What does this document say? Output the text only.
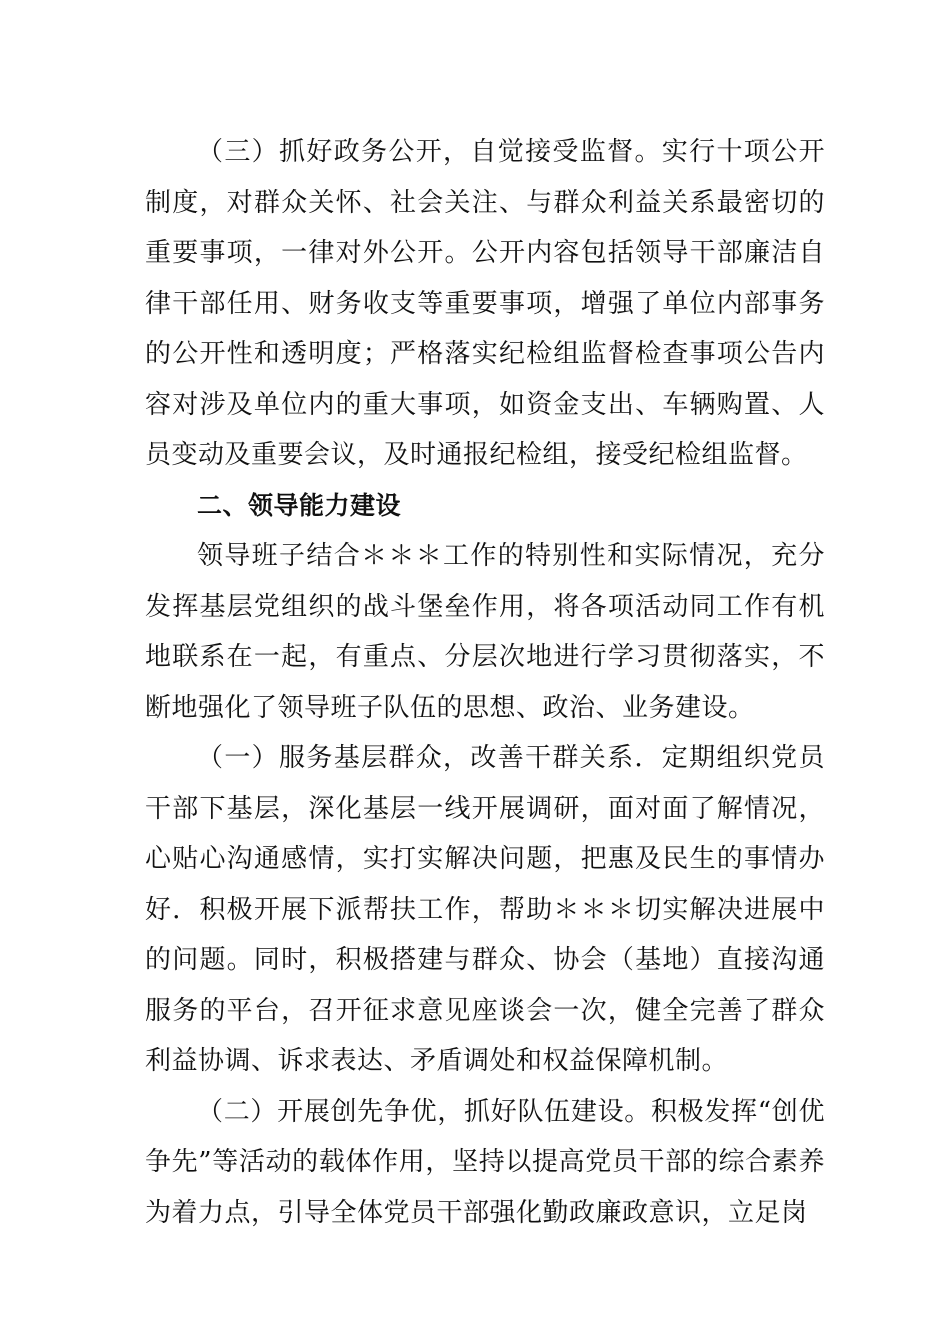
（三）抓好政务公开，自觉接受监督。实行十项公开制度，对群众关怀、社会关注、与群众利益关系最密切的重要事项，一律对外公开。公开内容包括领导干部廉洁自律干部任用、财务收支等重要事项，增强了单位内部事务的公开性和透明度；严格落实纪检组监督检查事项公告内容对涉及单位内的重大事项，如资金支出、车辆购置、人员变动及重要会议，及时通报纪检组，接受纪检组监督。

二、领导能力建设

领导班子结合＊＊＊工作的特别性和实际情况，充分发挥基层党组织的战斗堡垒作用，将各项活动同工作有机地联系在一起，有重点、分层次地进行学习贯彻落实，不断地强化了领导班子队伍的思想、政治、业务建设。

（一）服务基层群众，改善干群关系．定期组织党员干部下基层，深化基层一线开展调研，面对面了解情况，心贴心沟通感情，实打实解决问题，把惠及民生的事情办好．积极开展下派帮扶工作，帮助＊＊＊切实解决进展中的问题。同时，积极搭建与群众、协会（基地）直接沟通服务的平台，召开征求意见座谈会一次，健全完善了群众利益协调、诉求表达、矛盾调处和权益保障机制。

（二）开展创先争优，抓好队伍建设。积极发挥“创优争先”等活动的载体作用，坚持以提高党员干部的综合素养为着力点，引导全体党员干部强化勤政廉政意识，立足岗
